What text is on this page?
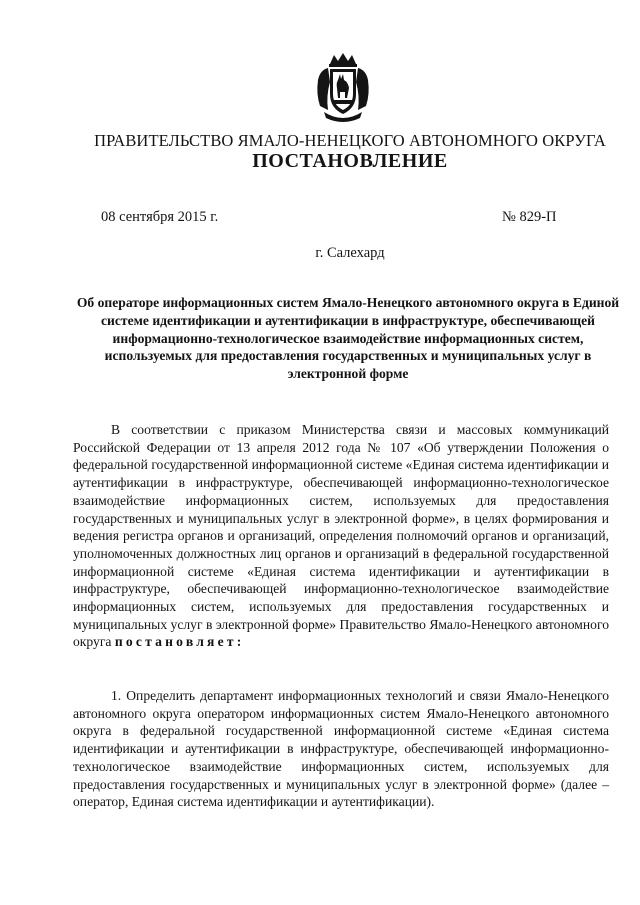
ПРАВИТЕЛЬСТВО ЯМАЛО-НЕНЕЦКОГО АВТОНОМНОГО ОКРУГА
ПОСТАНОВЛЕНИЕ
08 сентября 2015 г.	№ 829-П
г. Салехард
Об операторе информационных систем Ямало-Ненецкого автономного округа в Единой системе идентификации и аутентификации в инфраструктуре, обеспечивающей информационно-технологическое взаимодействие информационных систем, используемых для предоставления государственных и муниципальных услуг в электронной форме
В соответствии с приказом Министерства связи и массовых коммуникаций Российской Федерации от 13 апреля 2012 года № 107 «Об утверждении Положения о федеральной государственной информационной системе «Единая система идентификации и аутентификации в инфраструктуре, обеспечивающей информационно-технологическое взаимодействие информационных систем, используемых для предоставления государственных и муниципальных услуг в электронной форме», в целях формирования и ведения регистра органов и организаций, определения полномочий органов и организаций, уполномоченных должностных лиц органов и организаций в федеральной государственной информационной системе «Единая система идентификации и аутентификации в инфраструктуре, обеспечивающей информационно-технологическое взаимодействие информационных систем, используемых для предоставления государственных и муниципальных услуг в электронной форме» Правительство Ямало-Ненецкого автономного округа постановляет:
1. Определить департамент информационных технологий и связи Ямало-Ненецкого автономного округа оператором информационных систем Ямало-Ненецкого автономного округа в федеральной государственной информационной системе «Единая система идентификации и аутентификации в инфраструктуре, обеспечивающей информационно-технологическое взаимодействие информационных систем, используемых для предоставления государственных и муниципальных услуг в электронной форме» (далее – оператор, Единая система идентификации и аутентификации).
